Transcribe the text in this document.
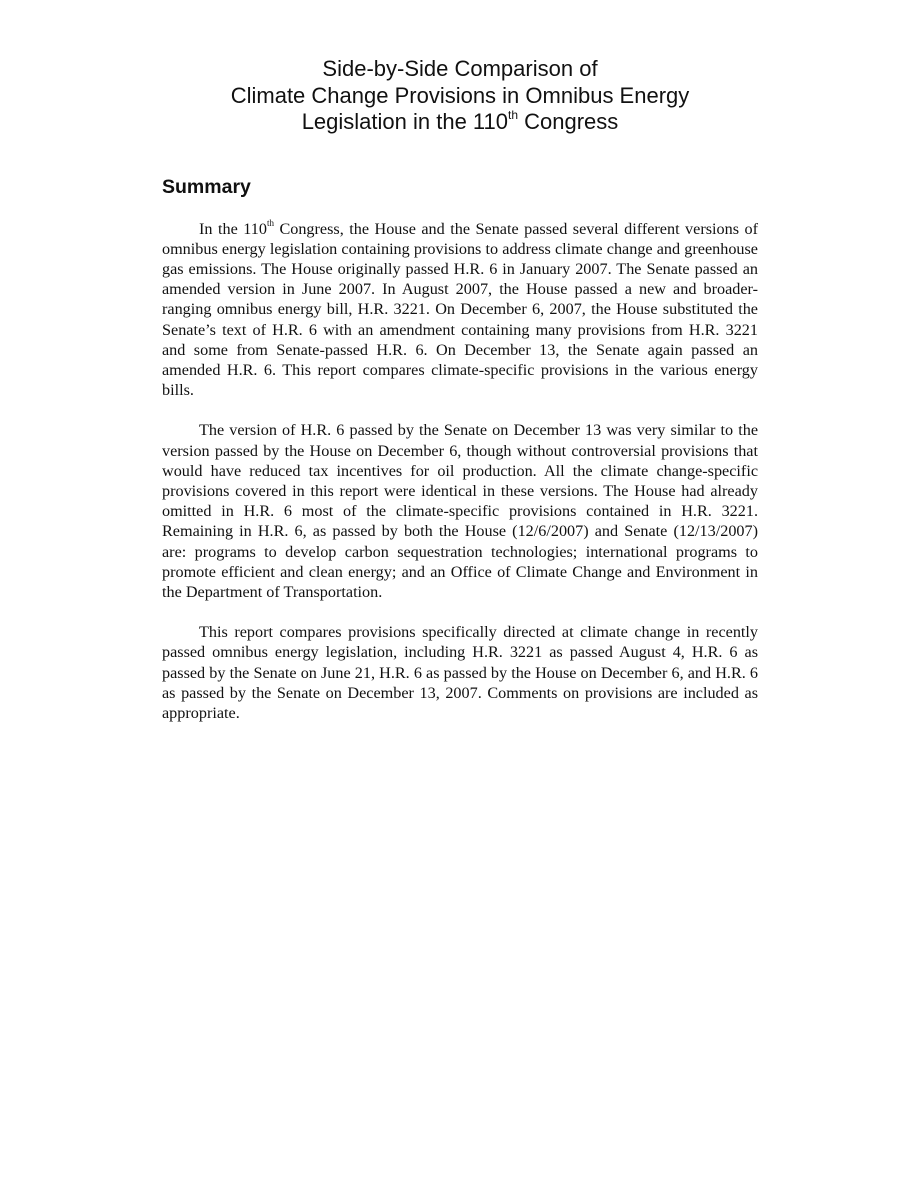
Side-by-Side Comparison of
Climate Change Provisions in Omnibus Energy
Legislation in the 110th Congress
Summary

In the 110th Congress, the House and the Senate passed several different versions of omnibus energy legislation containing provisions to address climate change and greenhouse gas emissions. The House originally passed H.R. 6 in January 2007. The Senate passed an amended version in June 2007. In August 2007, the House passed a new and broader-ranging omnibus energy bill, H.R. 3221. On December 6, 2007, the House substituted the Senate’s text of H.R. 6 with an amendment containing many provisions from H.R. 3221 and some from Senate-passed H.R. 6. On December 13, the Senate again passed an amended H.R. 6. This report compares climate-specific provisions in the various energy bills.

The version of H.R. 6 passed by the Senate on December 13 was very similar to the version passed by the House on December 6, though without controversial provisions that would have reduced tax incentives for oil production. All the climate change-specific provisions covered in this report were identical in these versions. The House had already omitted in H.R. 6 most of the climate-specific provisions contained in H.R. 3221. Remaining in H.R. 6, as passed by both the House (12/6/2007) and Senate (12/13/2007) are: programs to develop carbon sequestration technologies; international programs to promote efficient and clean energy; and an Office of Climate Change and Environment in the Department of Transportation.

This report compares provisions specifically directed at climate change in recently passed omnibus energy legislation, including H.R. 3221 as passed August 4, H.R. 6 as passed by the Senate on June 21, H.R. 6 as passed by the House on December 6, and H.R. 6 as passed by the Senate on December 13, 2007. Comments on provisions are included as appropriate.
